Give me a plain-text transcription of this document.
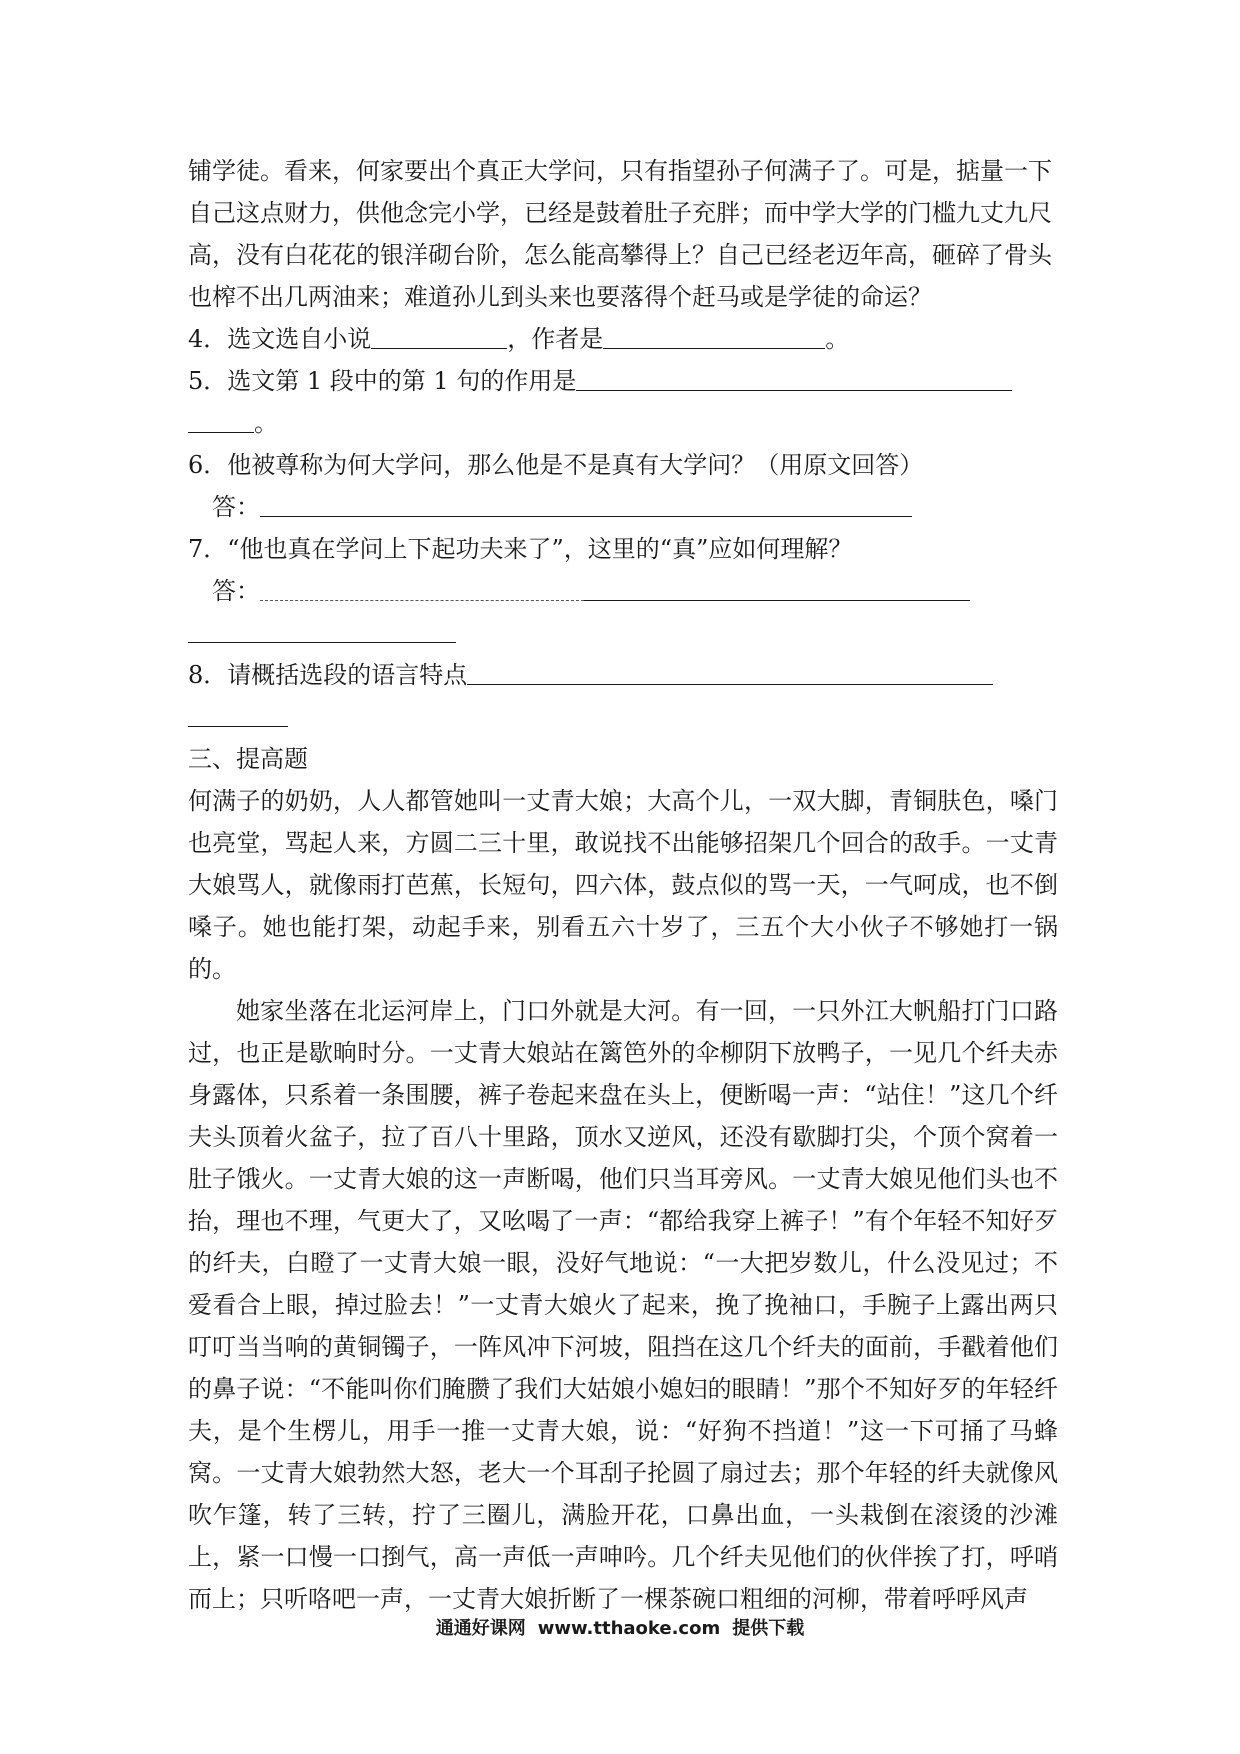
铺学徒。看来，何家要出个真正大学问，只有指望孙子何满子了。可是，掂量一下
自己这点财力，供他念完小学，已经是鼓着肚子充胖；而中学大学的门槛九丈九尺
高，没有白花花的银洋砌台阶，怎么能高攀得上？自己已经老迈年高，砸碎了骨头
也榨不出几两油来；难道孙儿到头来也要落得个赶马或是学徒的命运？
4．选文选自小说	，作者是	。
5．选文第 1 段中的第 1 句的作用是
。
6．他被尊称为何大学问，那么他是不是真有大学问？（用原文回答）
答：
7．“他也真在学问上下起功夫来了”，这里的“真”应如何理解？
答：
8．请概括选段的语言特点
三、提高题
何满子的奶奶，人人都管她叫一丈青大娘；大高个儿，一双大脚，青铜肤色，嗓门也亮堂，骂起人来，方圆二三十里，敢说找不出能够招架几个回合的敌手。一丈青大娘骂人，就像雨打芭蕉，长短句，四六体，鼓点似的骂一天，一气呵成，也不倒嗓子。她也能打架，动起手来，别看五六十岁了，三五个大小伙子不够她打一锅的。
她家坐落在北运河岸上，门口外就是大河。有一回，一只外江大帆船打门口路过，也正是歇晌时分。一丈青大娘站在篱笆外的伞柳阴下放鸭子，一见几个纤夫赤身露体，只系着一条围腰，裤子卷起来盘在头上，便断喝一声：“站住！”这几个纤夫头顶着火盆子，拉了百八十里路，顶水又逆风，还没有歇脚打尖，个顶个窝着一肚子饿火。一丈青大娘的这一声断喝，他们只当耳旁风。一丈青大娘见他们头也不抬，理也不理，气更大了，又吆喝了一声：“都给我穿上裤子！”有个年轻不知好歹的纤夫，白瞪了一丈青大娘一眼，没好气地说：“一大把岁数儿，什么没见过；不爱看合上眼，掉过脸去！”一丈青大娘火了起来，挽了挽袖口，手腕子上露出两只叮叮当当响的黄铜镯子，一阵风冲下河坡，阻挡在这几个纤夫的面前，手戳着他们的鼻子说：“不能叫你们腌臜了我们大姑娘小媳妇的眼睛！”那个不知好歹的年轻纤夫，是个生楞儿，用手一推一丈青大娘，说：“好狗不挡道！”这一下可捅了马蜂窝。一丈青大娘勃然大怒，老大一个耳刮子抡圆了扇过去；那个年轻的纤夫就像风吹乍篷，转了三转，拧了三圈儿，满脸开花，口鼻出血，一头栽倒在滚烫的沙滩上，紧一口慢一口捯气，高一声低一声呻吟。几个纤夫见他们的伙伴挨了打，呼哨而上；只听咯吧一声，一丈青大娘折断了一棵茶碗口粗细的河柳，带着呼呼风声
通通好课网 www.tthaoke.com 提供下载
